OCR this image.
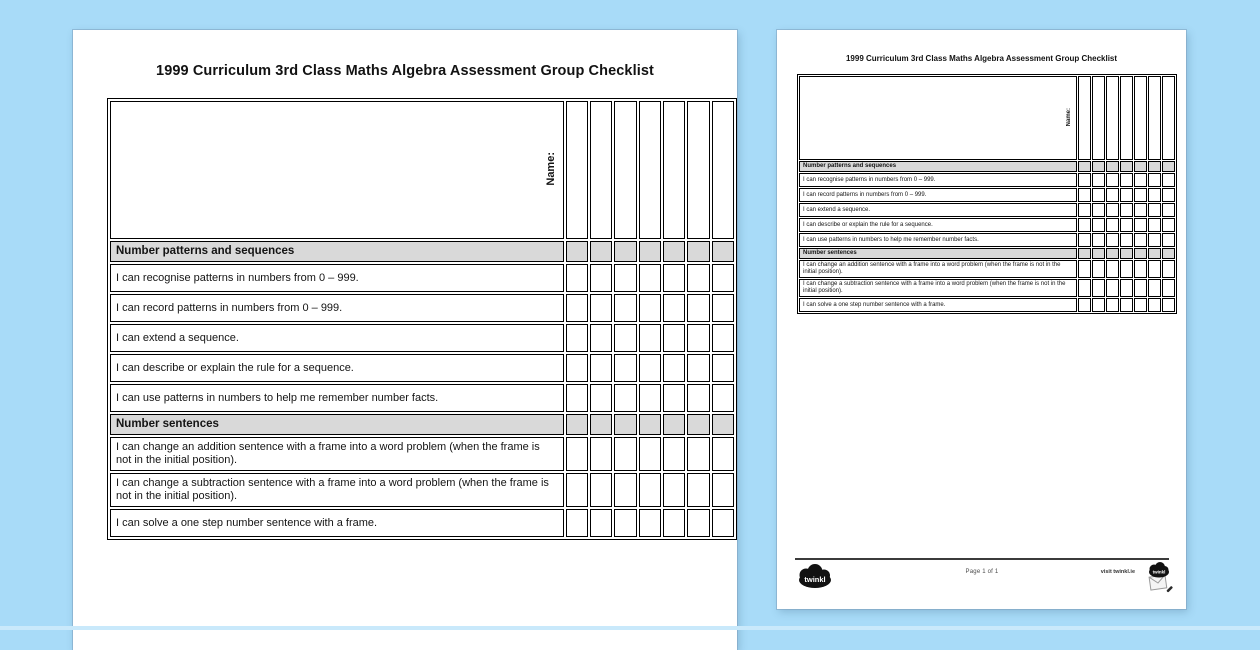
1999 Curriculum 3rd Class Maths Algebra Assessment Group Checklist
Name:							
Number patterns and sequences							
I can recognise patterns in numbers from 0 – 999.							
I can record patterns in numbers from 0 – 999.							
I can extend a sequence.							
I can describe or explain the rule for a sequence.							
I can use patterns in numbers to help me remember number facts.							
Number sentences							
I can change an addition sentence with a frame into a word problem (when the frame is not in the initial position).							
I can change a subtraction sentence with a frame into a word problem (when the frame is not in the initial position).							
I can solve a one step number sentence with a frame.							
1999 Curriculum 3rd Class Maths Algebra Assessment Group Checklist
Name:							
Number patterns and sequences							
I can recognise patterns in numbers from 0 – 999.							
I can record patterns in numbers from 0 – 999.							
I can extend a sequence.							
I can describe or explain the rule for a sequence.							
I can use patterns in numbers to help me remember number facts.							
Number sentences							
I can change an addition sentence with a frame into a word problem (when the frame is not in the initial position).							
I can change a subtraction sentence with a frame into a word problem (when the frame is not in the initial position).							
I can solve a one step number sentence with a frame.							
twinkl
Page 1 of 1	visit twinkl.ie twinkl
